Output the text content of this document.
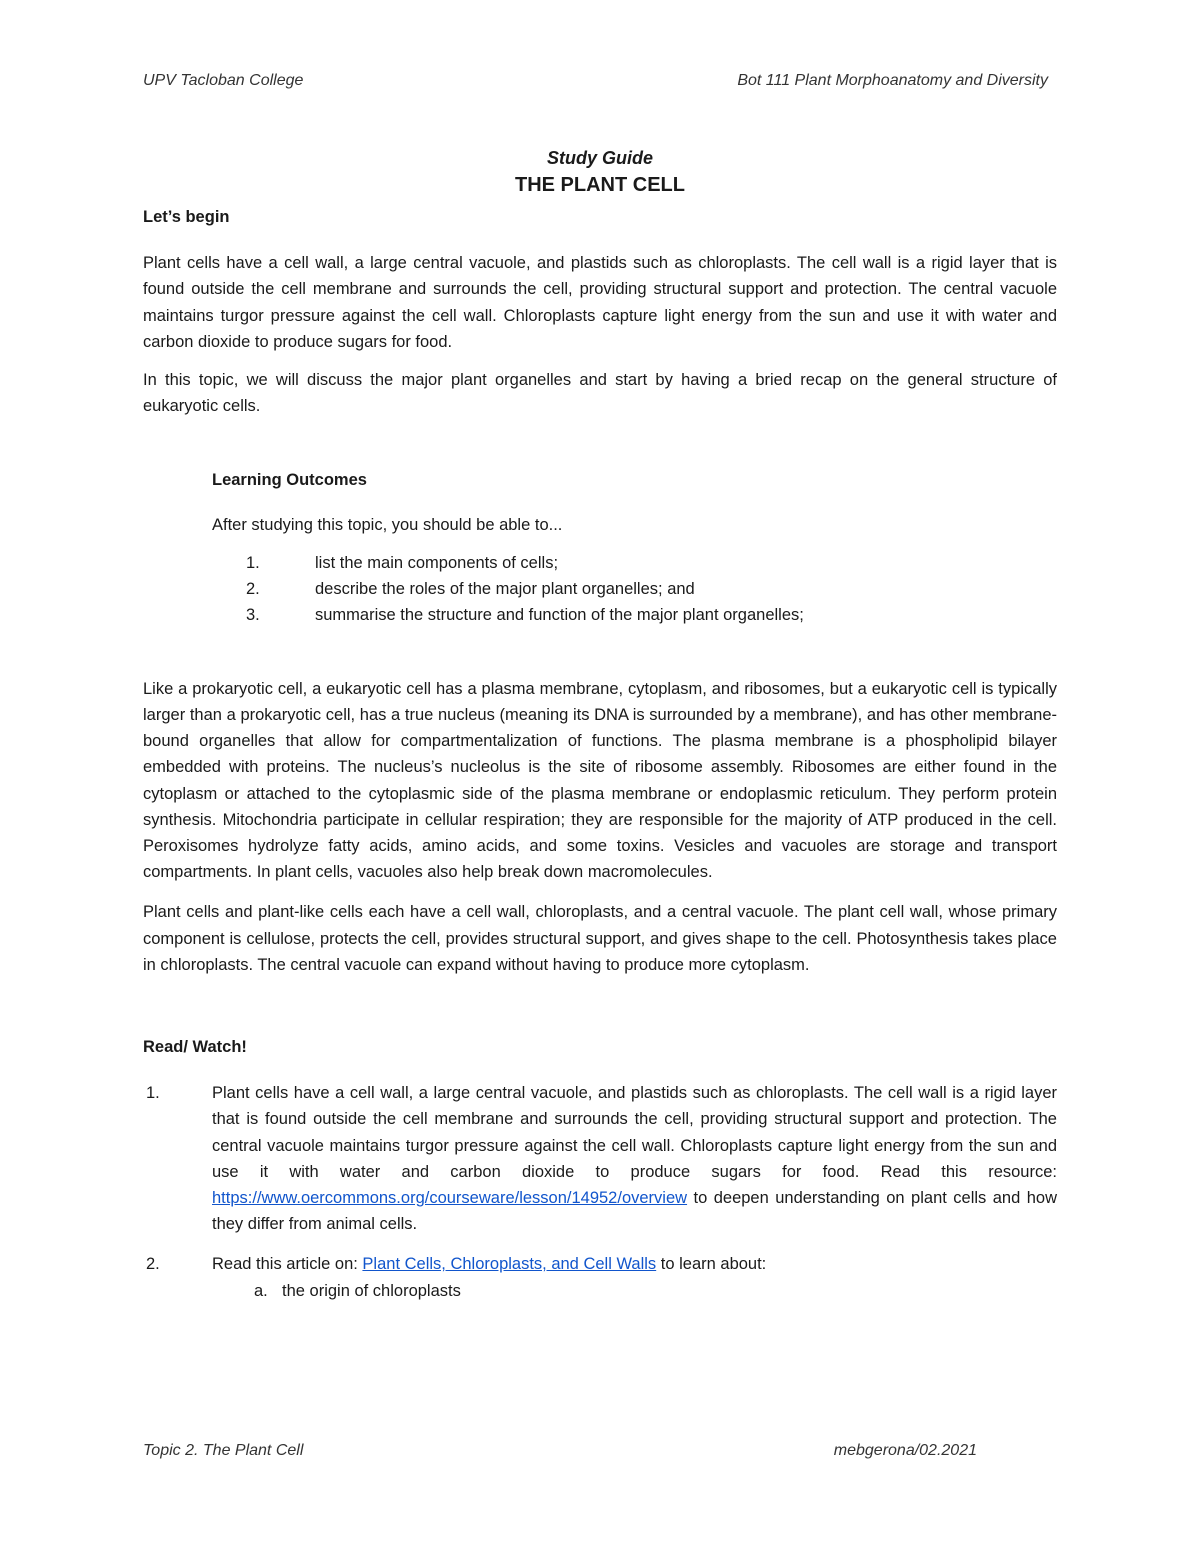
UPV Tacloban College	Bot 111 Plant Morphoanatomy and Diversity
Study Guide
THE PLANT CELL
Let’s begin

Plant cells have a cell wall, a large central vacuole, and plastids such as chloroplasts. The cell wall is a rigid layer that is found outside the cell membrane and surrounds the cell, providing structural support and protection. The central vacuole maintains turgor pressure against the cell wall. Chloroplasts capture light energy from the sun and use it with water and carbon dioxide to produce sugars for food.

In this topic, we will discuss the major plant organelles and start by having a bried recap on the general structure of eukaryotic cells.

Learning Outcomes
After studying this topic, you should be able to...
1.	list the main components of cells;
2.	describe the roles of the major plant organelles; and
3.	summarise the structure and function of the major plant organelles;

Like a prokaryotic cell, a eukaryotic cell has a plasma membrane, cytoplasm, and ribosomes, but a eukaryotic cell is typically larger than a prokaryotic cell, has a true nucleus (meaning its DNA is surrounded by a membrane), and has other membrane-bound organelles that allow for compartmentalization of functions. The plasma membrane is a phospholipid bilayer embedded with proteins. The nucleus’s nucleolus is the site of ribosome assembly. Ribosomes are either found in the cytoplasm or attached to the cytoplasmic side of the plasma membrane or endoplasmic reticulum. They perform protein synthesis. Mitochondria participate in cellular respiration; they are responsible for the majority of ATP produced in the cell. Peroxisomes hydrolyze fatty acids, amino acids, and some toxins. Vesicles and vacuoles are storage and transport compartments. In plant cells, vacuoles also help break down macromolecules.

Plant cells and plant-like cells each have a cell wall, chloroplasts, and a central vacuole. The plant cell wall, whose primary component is cellulose, protects the cell, provides structural support, and gives shape to the cell. Photosynthesis takes place in chloroplasts. The central vacuole can expand without having to produce more cytoplasm.

Read/ Watch!
1.	Plant cells have a cell wall, a large central vacuole, and plastids such as chloroplasts. The cell wall is a rigid layer that is found outside the cell membrane and surrounds the cell, providing structural support and protection. The central vacuole maintains turgor pressure against the cell wall. Chloroplasts capture light energy from the sun and use it with water and carbon dioxide to produce sugars for food. Read this resource: https://www.oercommons.org/courseware/lesson/14952/overview to deepen understanding on plant cells and how they differ from animal cells.

2.	Read this article on: Plant Cells, Chloroplasts, and Cell Walls to learn about:
a. the origin of chloroplasts
Topic 2. The Plant Cell	mebgerona/02.2021
